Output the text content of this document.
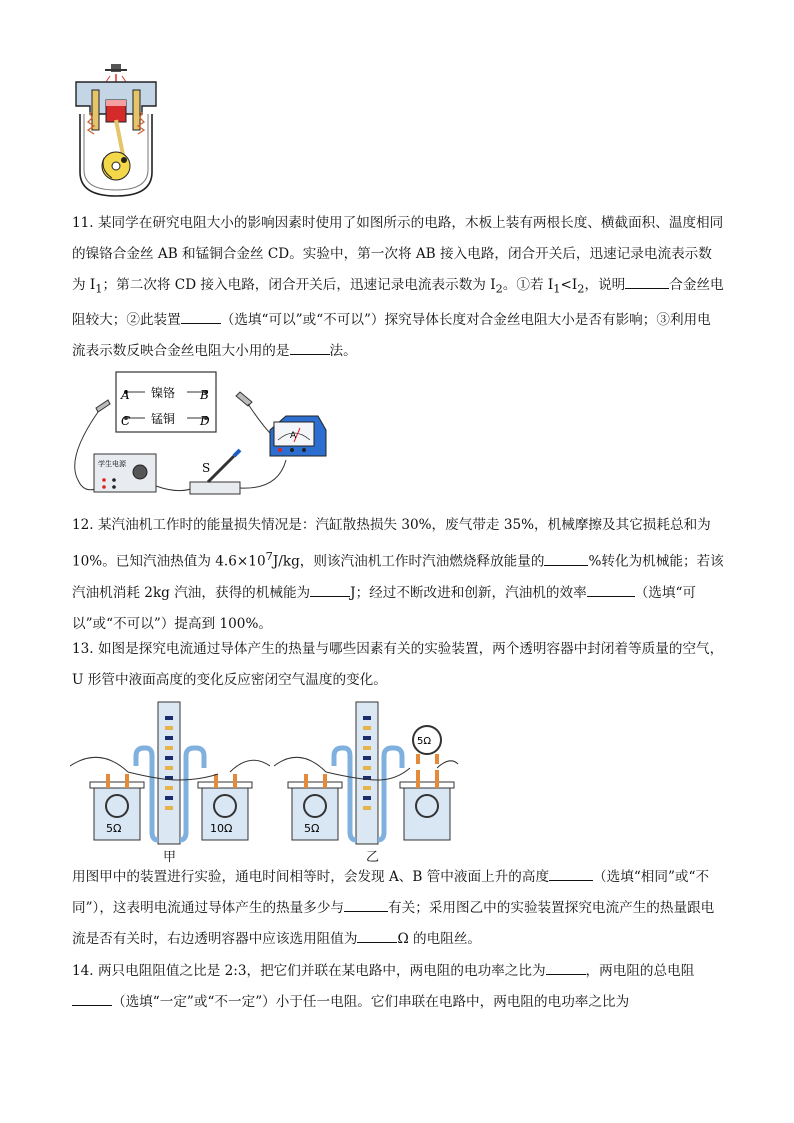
11. 某同学在研究电阻大小的影响因素时使用了如图所示的电路，木板上装有两根长度、横截面积、温度相同的镍铬合金丝 AB 和锰铜合金丝 CD。实验中，第一次将 AB 接入电路，闭合开关后，迅速记录电流表示数为 $I_1$；第二次将 CD 接入电路，闭合开关后，迅速记录电流表示数为 $I_2$。①若 $I_1<I_2$，说明	合金丝电阻较大；②此装置	（选填“可以”或“不可以”）探究导体长度对合金丝电阻大小是否有影响；③利用电流表示数反映合金丝电阻大小用的是	法。

A 镍铬 B
C 锰铜 D
学生电源	S
A

12. 某汽油机工作时的能量损失情况是：汽缸散热损失 30%，废气带走 35%，机械摩擦及其它损耗总和为 10%。已知汽油热值为 $4.6\times 10^7J/kg$，则该汽油机工作时汽油燃烧释放能量的	%转化为机械能；若该汽油机消耗 2kg 汽油，获得的机械能为	J；经过不断改进和创新，汽油机的效率	（选填“可以”或“不可以”）提高到 100%。

13. 如图是探究电流通过导体产生的热量与哪些因素有关的实验装置，两个透明容器中封闭着等质量的空气，U 形管中液面高度的变化反应密闭空气温度的变化。

5Ω	10Ω
甲
5Ω
5Ω
乙

用图甲中的装置进行实验，通电时间相等时，会发现 A、B 管中液面上升的高度	（选填“相同”或“不同”），这表明电流通过导体产生的热量多少与	有关；采用图乙中的实验装置探究电流产生的热量跟电流是否有关时，右边透明容器中应该选用阻值为	Ω 的电阻丝。

14. 两只电阻阻值之比是 2:3，把它们并联在某电路中，两电阻的电功率之比为	，两电阻的总电阻（选填“一定”或“不一定”）小于任一电阻。它们串联在电路中，两电阻的电功率之比为
